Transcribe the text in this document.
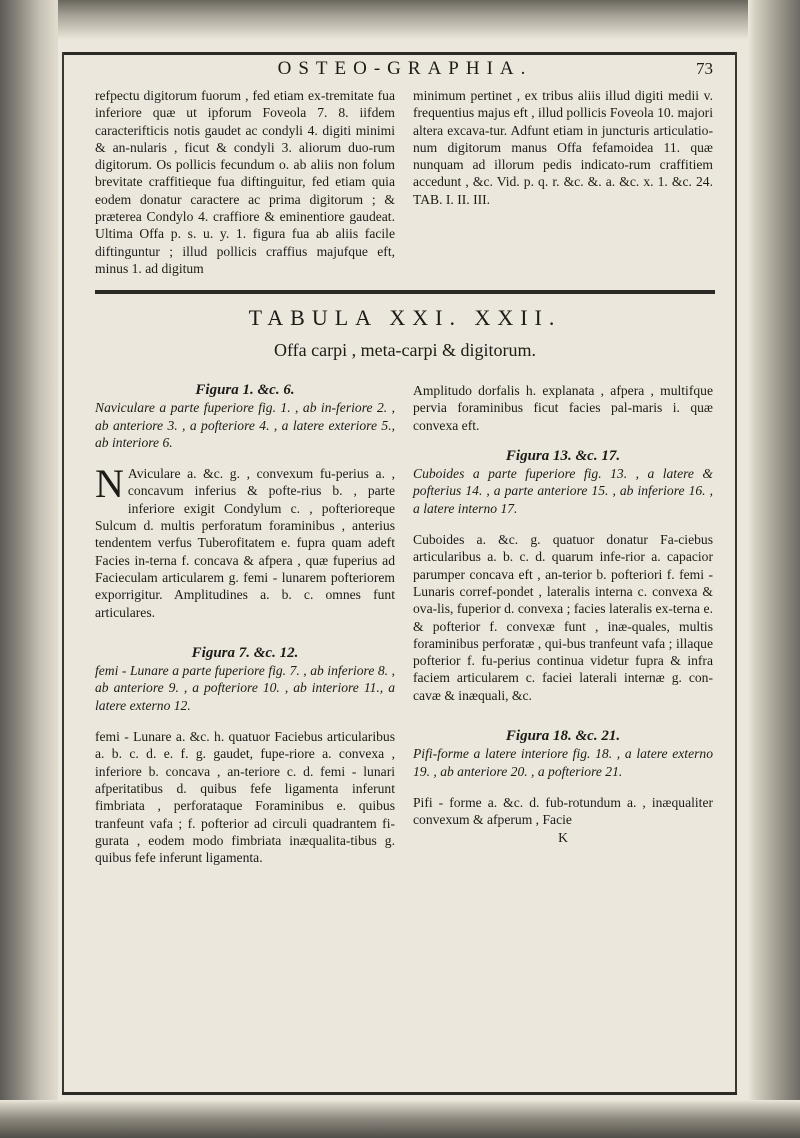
OSTEO-GRAPHIA.	73

refpectu digitorum fuorum , fed etiam ex-tremitate fua inferiore quæ ut ipforum Foveola 7. 8. iifdem caracterifticis notis gaudet ac condyli 4. digiti minimi & an-nularis , ficut & condyli 3. aliorum duo-rum digitorum. Os pollicis fecundum o. ab aliis non folum brevitate craffitieque fua diftinguitur, fed etiam quia eodem donatur caractere ac prima digitorum ; & præterea Condylo 4. craffiore & eminentiore gaudeat. Ultima Offa p. s. u. y. 1. figura fua ab aliis facile diftinguntur ; illud pollicis craffius majufque eft, minus 1. ad digitum

minimum pertinet , ex tribus aliis illud digiti medii v. frequentius majus eft , illud pollicis Foveola 10. majori altera excava-tur. Adfunt etiam in juncturis articulatio-num digitorum manus Offa fefamoidea 11. quæ nunquam ad illorum pedis indicato-rum craffitiem accedunt , &c. Vid. p. q. r. &c. &. a. &c. x. 1. &c. 24. TAB. I. II. III.

TABULA XXI. XXII.
Offa carpi , meta-carpi & digitorum.

Figura 1. &c. 6.

Naviculare a parte fuperiore fig. 1. , ab in-feriore 2. , ab anteriore 3. , a pofteriore 4. , a latere exteriore 5., ab interiore 6.

N Aviculare a. &c. g. , convexum fu-perius a. , concavum inferius & pofte-rius b. , parte inferiore exigit Condylum c. , pofterioreque Sulcum d. multis perforatum foraminibus , anterius tendentem verfus Tuberofitatem e. fupra quam adeft Facies in-terna f. concava & afpera , quæ fuperius ad Facieculam articularem g. femi - lunarem pofteriorem exporrigitur. Amplitudines a. b. c. omnes funt articulares.

Figura 7. &c. 12.

femi - Lunare a parte fuperiore fig. 7. , ab inferiore 8. , ab anteriore 9. , a pofteriore 10. , ab interiore 11., a latere externo 12.

femi - Lunare a. &c. h. quatuor Faciebus articularibus a. b. c. d. e. f. g. gaudet, fupe-riore a. convexa , inferiore b. concava , an-teriore c. d. femi - lunari afperitatibus d. quibus fefe ligamenta inferunt fimbriata , perforataque Foraminibus e. quibus tranfeunt vafa ; f. pofterior ad circuli quadrantem fi-gurata , eodem modo fimbriata inæqualita-tibus g. quibus fefe inferunt ligamenta.

Amplitudo dorfalis h. explanata , afpera , multifque pervia foraminibus ficut facies pal-maris i. quæ convexa eft.

Figura 13. &c. 17.

Cuboides a parte fuperiore fig. 13. , a latere & pofterius 14. , a parte anteriore 15. , ab inferiore 16. , a latere interno 17.

Cuboides a. &c. g. quatuor donatur Fa-ciebus articularibus a. b. c. d. quarum infe-rior a. capacior parumper concava eft , an-terior b. pofteriori f. femi - Lunaris corref-pondet , lateralis interna c. convexa & ova-lis, fuperior d. convexa ; facies lateralis ex-terna e. & pofterior f. convexæ funt , inæ-quales, multis foraminibus perforatæ , qui-bus tranfeunt vafa ; illaque pofterior f. fu-perius continua videtur fupra & infra faciem articularem c. faciei laterali internæ g. con-cavæ & inæquali, &c.

Figura 18. &c. 21.

Pifi-forme a latere interiore fig. 18. , a latere externo 19. , ab anteriore 20. , a pofteriore 21.

Pifi - forme a. &c. d. fub-rotundum a. , inæqualiter convexum & afperum , Facie

K
